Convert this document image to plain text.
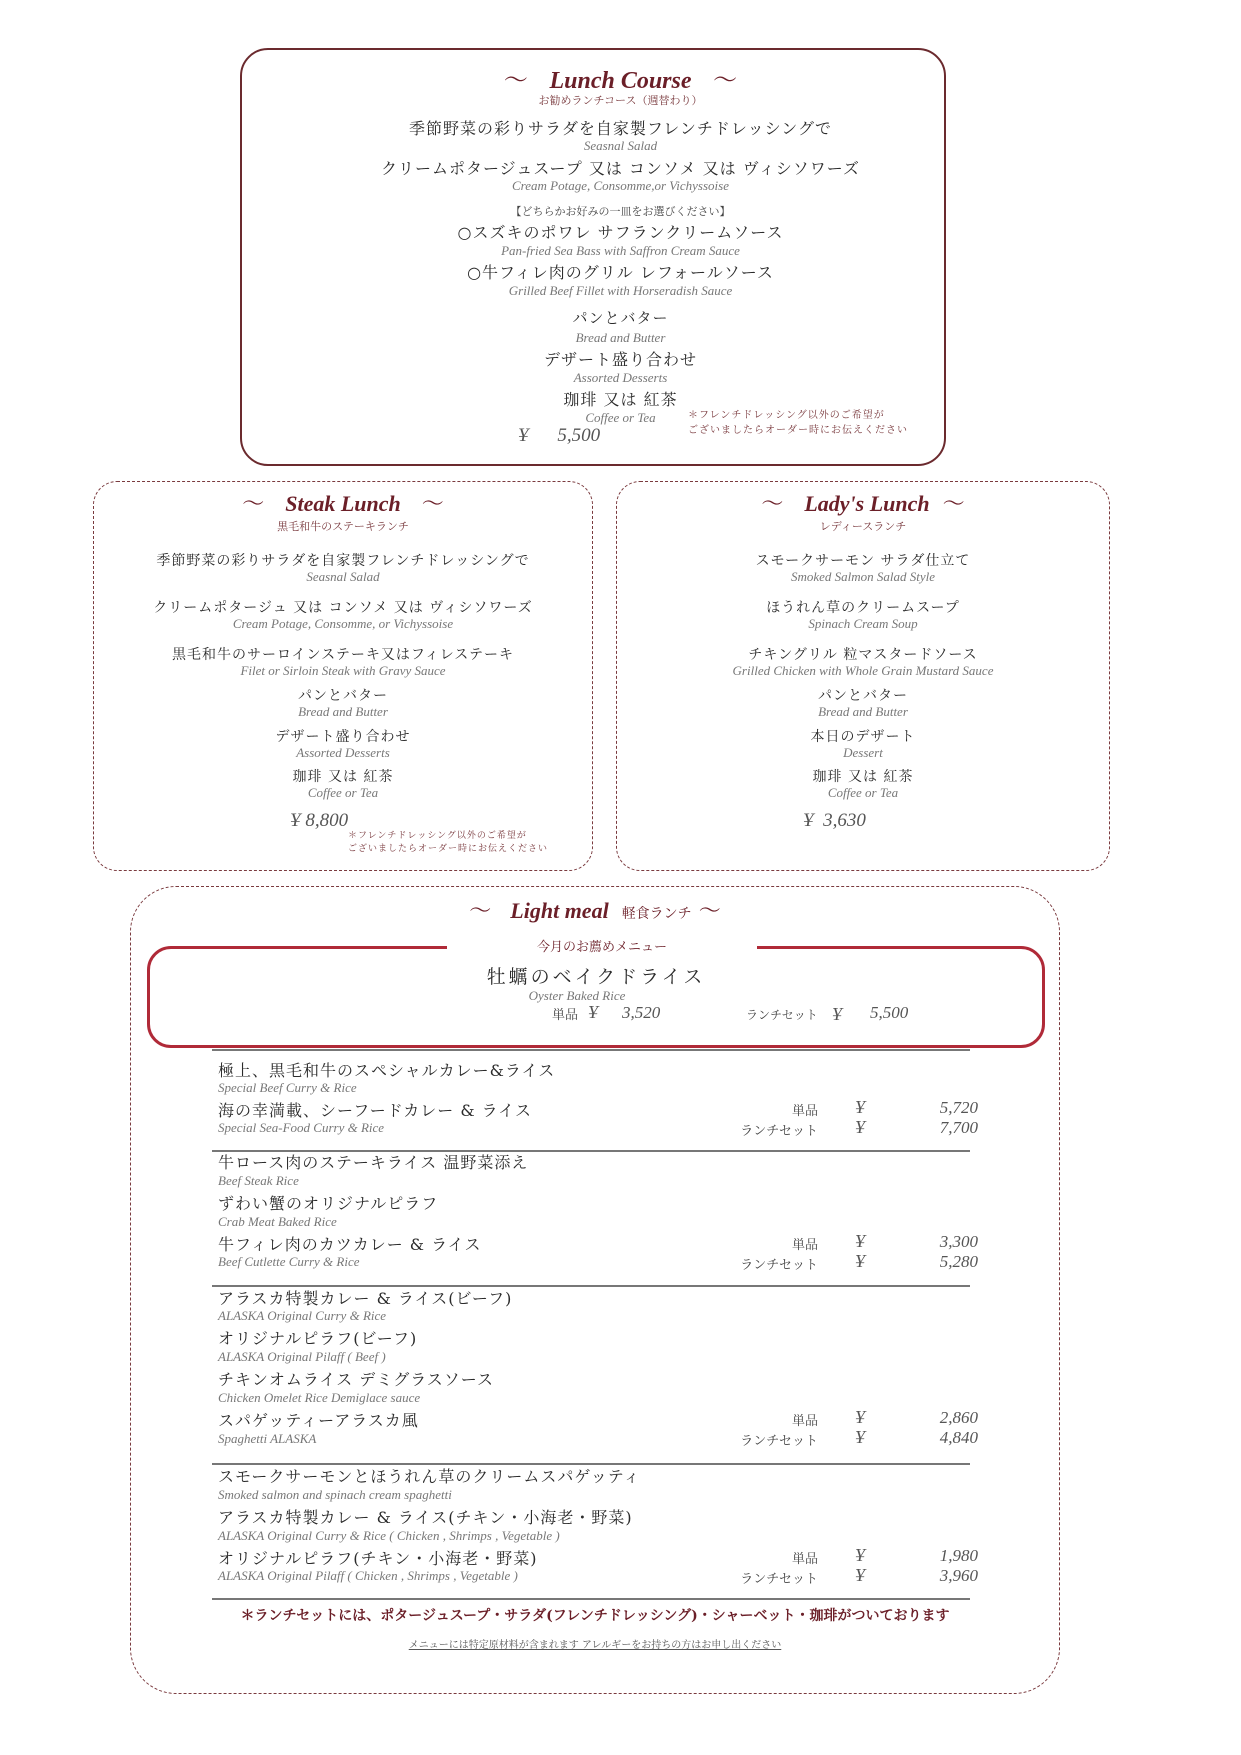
～ Lunch Course ～
お勧めランチコース（週替わり）
季節野菜の彩りサラダを自家製フレンチドレッシングで
Seasnal Salad
クリームポタージュスープ 又は コンソメ 又は ヴィシソワーズ
Cream Potage, Consomme,or Vichyssoise
【どちらかお好みの一皿をお選びください】
○スズキのポワレ サフランクリームソース
Pan-fried Sea Bass with Saffron Cream Sauce
○牛フィレ肉のグリル レフォールソース
Grilled Beef Fillet with Horseradish Sauce
パンとバター
Bread and Butter
デザート盛り合わせ
Assorted Desserts
珈琲 又は 紅茶
Coffee or Tea
Ұ 5,500
＊フレンチドレッシング以外のご希望が
ございましたらオーダー時にお伝えください
～ Steak Lunch ～
黒毛和牛のステーキランチ
季節野菜の彩りサラダを自家製フレンチドレッシングで
Seasnal Salad
クリームポタージュ 又は コンソメ 又は ヴィシソワーズ
Cream Potage, Consomme, or Vichyssoise
黒毛和牛のサーロインステーキ又はフィレステーキ
Filet or Sirloin Steak with Gravy Sauce
パンとバター
Bread and Butter
デザート盛り合わせ
Assorted Desserts
珈琲 又は 紅茶
Coffee or Tea
Ұ 8,800
＊フレンチドレッシング以外のご希望が
ございましたらオーダー時にお伝えください
～ Lady's Lunch ～
レディースランチ
スモークサーモン サラダ仕立て
Smoked Salmon Salad Style
ほうれん草のクリームスープ
Spinach Cream Soup
チキングリル 粒マスタードソース
Grilled Chicken with Whole Grain Mustard Sauce
パンとバター
Bread and Butter
本日のデザート
Dessert
珈琲 又は 紅茶
Coffee or Tea
Ұ  3,630
～ Light meal 軽食ランチ ～
今月のお薦めメニュー
牡蠣のベイクドライス
Oyster Baked Rice
単品 Ұ 3,520	ランチセット Ұ 5,500
極上、黒毛和牛のスペシャルカレー&ライス
Special Beef Curry & Rice
海の幸満載、シーフードカレー & ライス
Special Sea-Food Curry & Rice
単品
ランチセット
Ұ
Ұ
5,720
7,700
牛ロース肉のステーキライス 温野菜添え
Beef Steak Rice
ずわい蟹のオリジナルピラフ
Crab Meat Baked Rice
牛フィレ肉のカツカレー & ライス
Beef Cutlette Curry & Rice
単品
ランチセット
Ұ
Ұ
3,300
5,280
アラスカ特製カレー & ライス(ビーフ)
ALASKA Original Curry & Rice
オリジナルピラフ(ビーフ)
ALASKA Original Pilaff ( Beef )
チキンオムライス デミグラスソース
Chicken Omelet Rice Demiglace sauce
スパゲッティーアラスカ風
Spaghetti ALASKA
単品
ランチセット
Ұ
Ұ
2,860
4,840
スモークサーモンとほうれん草のクリームスパゲッティ
Smoked salmon and spinach cream spaghetti
アラスカ特製カレー & ライス(チキン・小海老・野菜)
ALASKA Original Curry & Rice ( Chicken , Shrimps , Vegetable )
オリジナルピラフ(チキン・小海老・野菜)
ALASKA Original Pilaff ( Chicken , Shrimps , Vegetable )
単品
ランチセット
Ұ
Ұ
1,980
3,960
＊ランチセットには、ポタージュスープ・サラダ(フレンチドレッシング)・シャーベット・珈琲がついております
メニューには特定原材料が含まれます アレルギーをお持ちの方はお申し出ください
